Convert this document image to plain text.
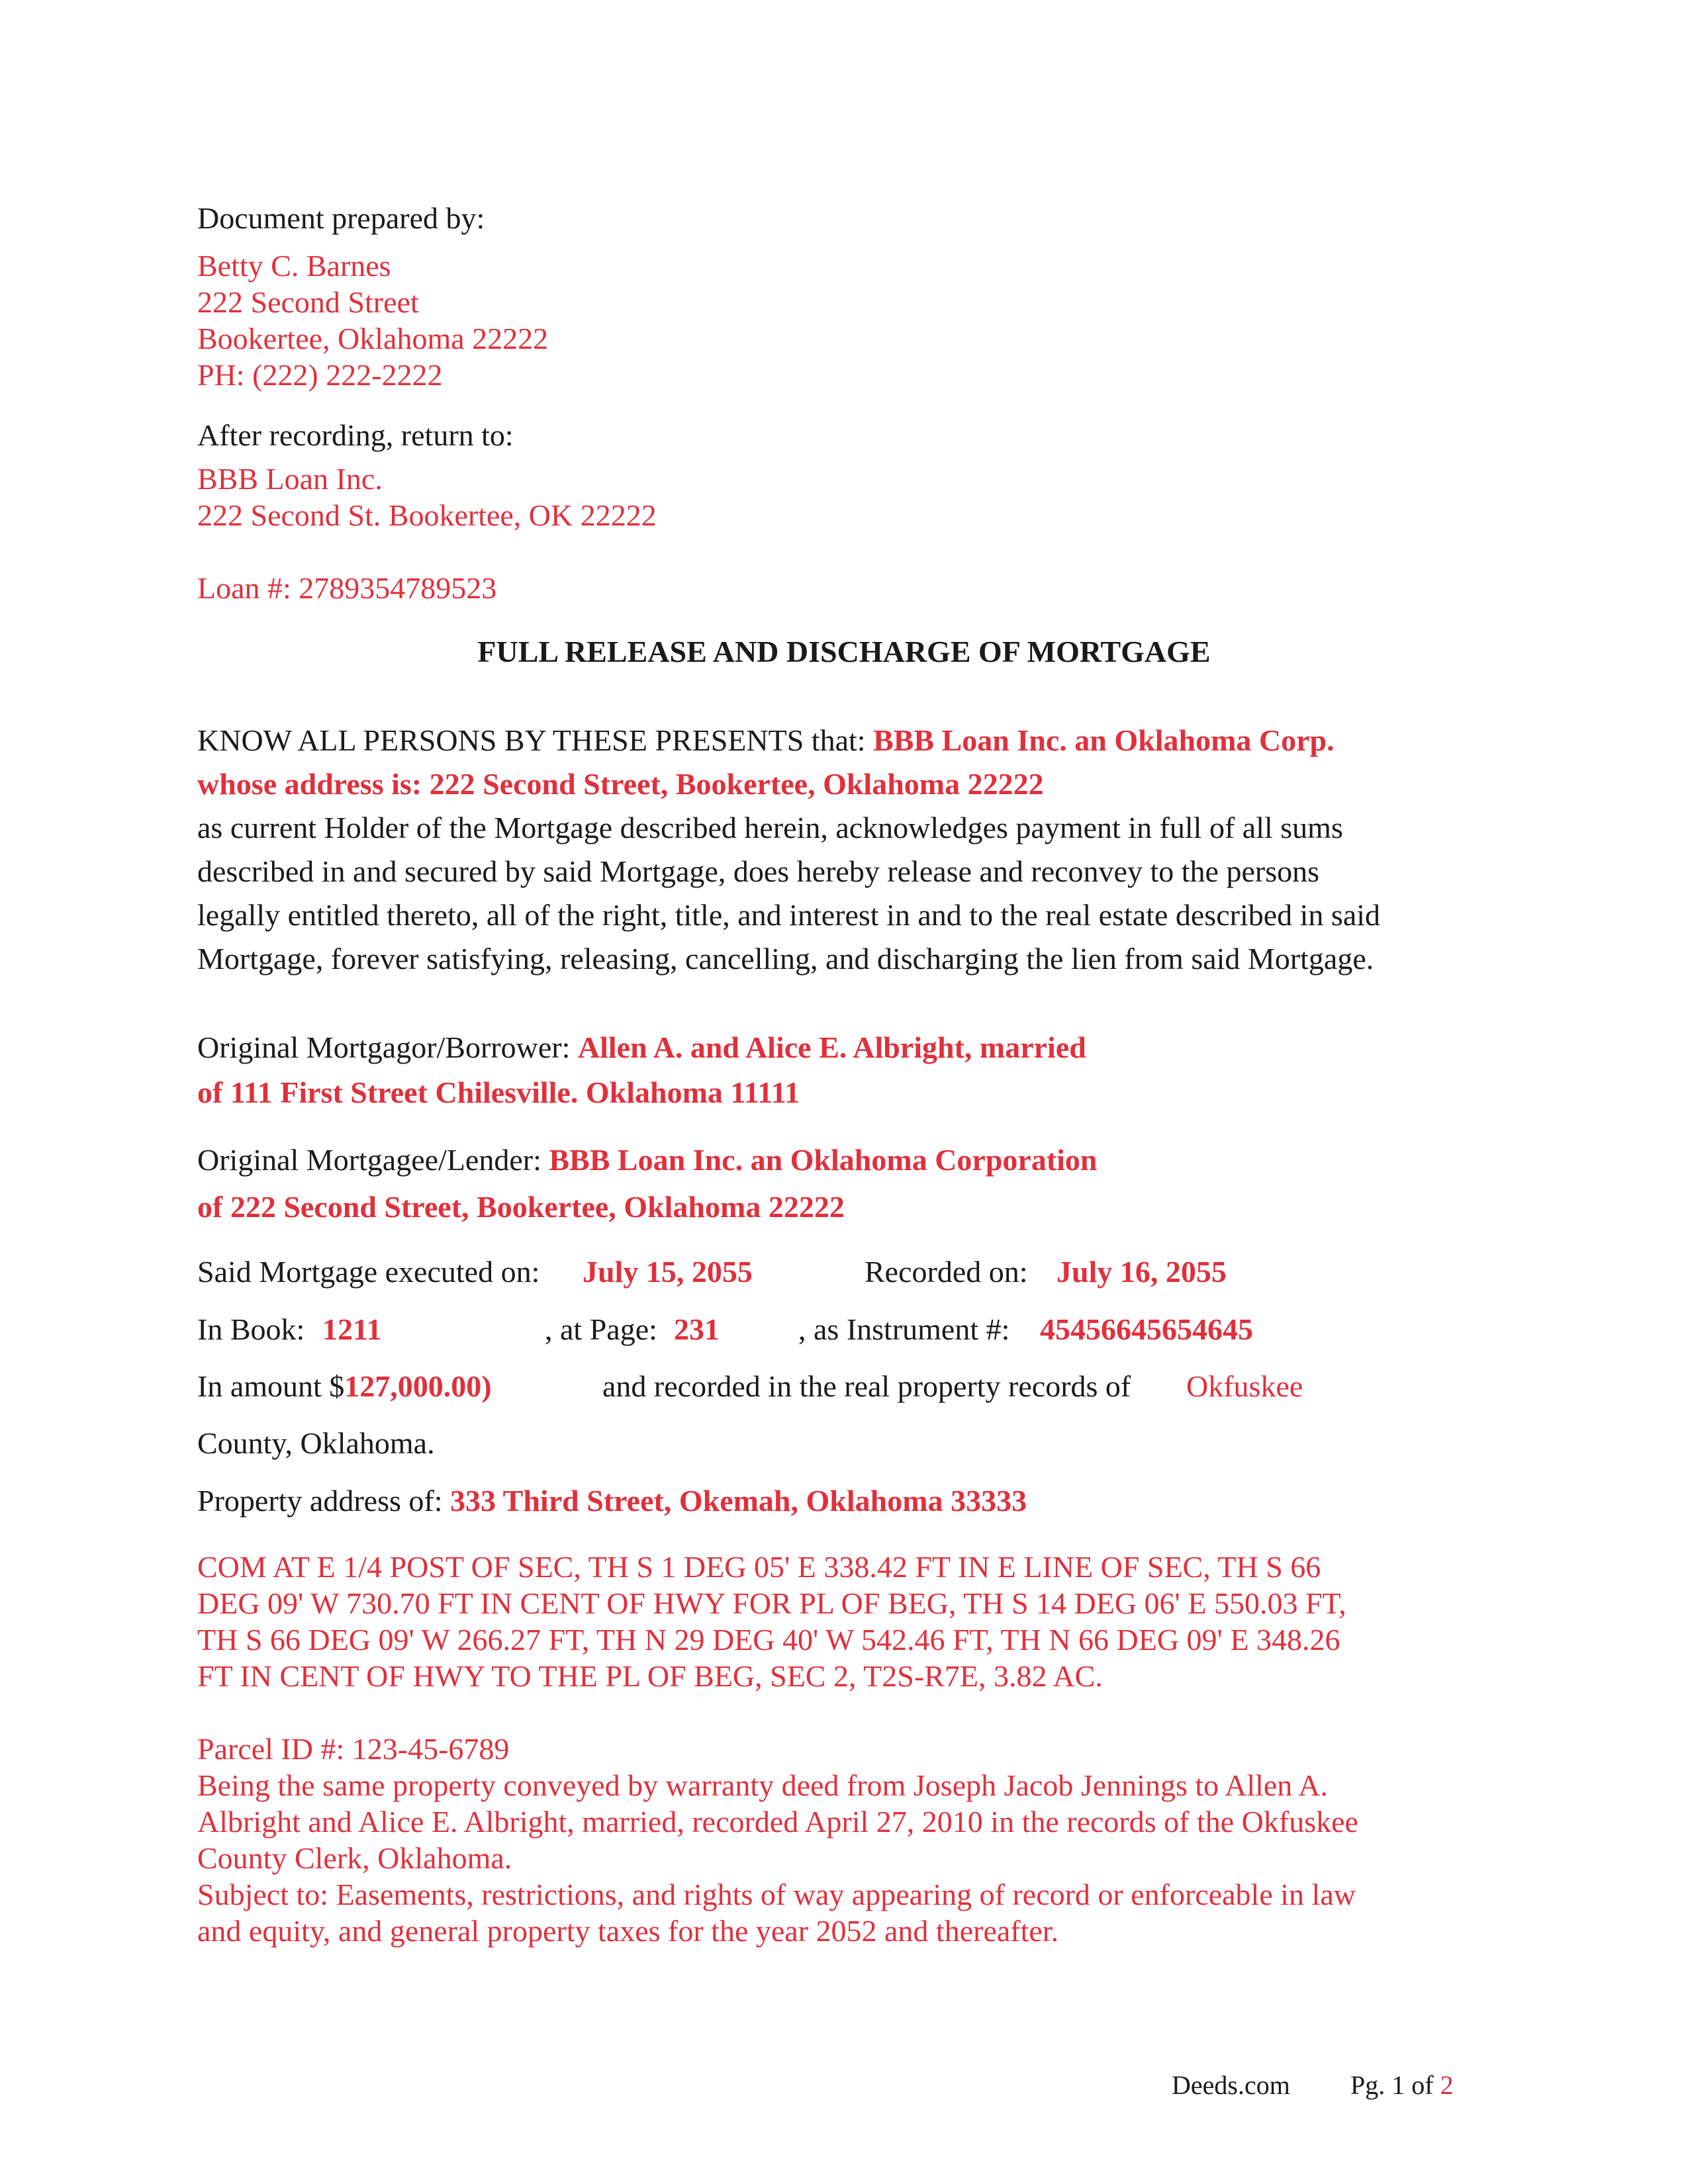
Document prepared by:
Betty C. Barnes
222 Second Street
Bookertee, Oklahoma 22222
PH: (222) 222-2222
After recording, return to:
BBB Loan Inc.
222 Second St. Bookertee, OK 22222
Loan #: 2789354789523
FULL RELEASE AND DISCHARGE OF MORTGAGE
KNOW ALL PERSONS BY THESE PRESENTS that: BBB Loan Inc. an Oklahoma Corp.
whose address is: 222 Second Street, Bookertee, Oklahoma 22222
as current Holder of the Mortgage described herein, acknowledges payment in full of all sums
described in and secured by said Mortgage, does hereby release and reconvey to the persons
legally entitled thereto, all of the right, title, and interest in and to the real estate described in said
Mortgage, forever satisfying, releasing, cancelling, and discharging the lien from said Mortgage.
Original Mortgagor/Borrower: Allen A. and Alice E. Albright, married
of 111 First Street Chilesville. Oklahoma 11111
Original Mortgagee/Lender: BBB Loan Inc. an Oklahoma Corporation
of 222 Second Street, Bookertee, Oklahoma 22222
Said Mortgage executed on: July 15, 2055	Recorded on: July 16, 2055
In Book: 1211	, at Page: 231	, as Instrument #: 45456645654645
In amount $127,000.00)	and recorded in the real property records of Okfuskee
County, Oklahoma.
Property address of: 333 Third Street, Okemah, Oklahoma 33333
COM AT E 1/4 POST OF SEC, TH S 1 DEG 05' E 338.42 FT IN E LINE OF SEC, TH S 66
DEG 09' W 730.70 FT IN CENT OF HWY FOR PL OF BEG, TH S 14 DEG 06' E 550.03 FT,
TH S 66 DEG 09' W 266.27 FT, TH N 29 DEG 40' W 542.46 FT, TH N 66 DEG 09' E 348.26
FT IN CENT OF HWY TO THE PL OF BEG, SEC 2, T2S-R7E, 3.82 AC.
Parcel ID #: 123-45-6789
Being the same property conveyed by warranty deed from Joseph Jacob Jennings to Allen A.
Albright and Alice E. Albright, married, recorded April 27, 2010 in the records of the Okfuskee
County Clerk, Oklahoma.
Subject to: Easements, restrictions, and rights of way appearing of record or enforceable in law
and equity, and general property taxes for the year 2052 and thereafter.
Deeds.com Pg. 1 of 2
